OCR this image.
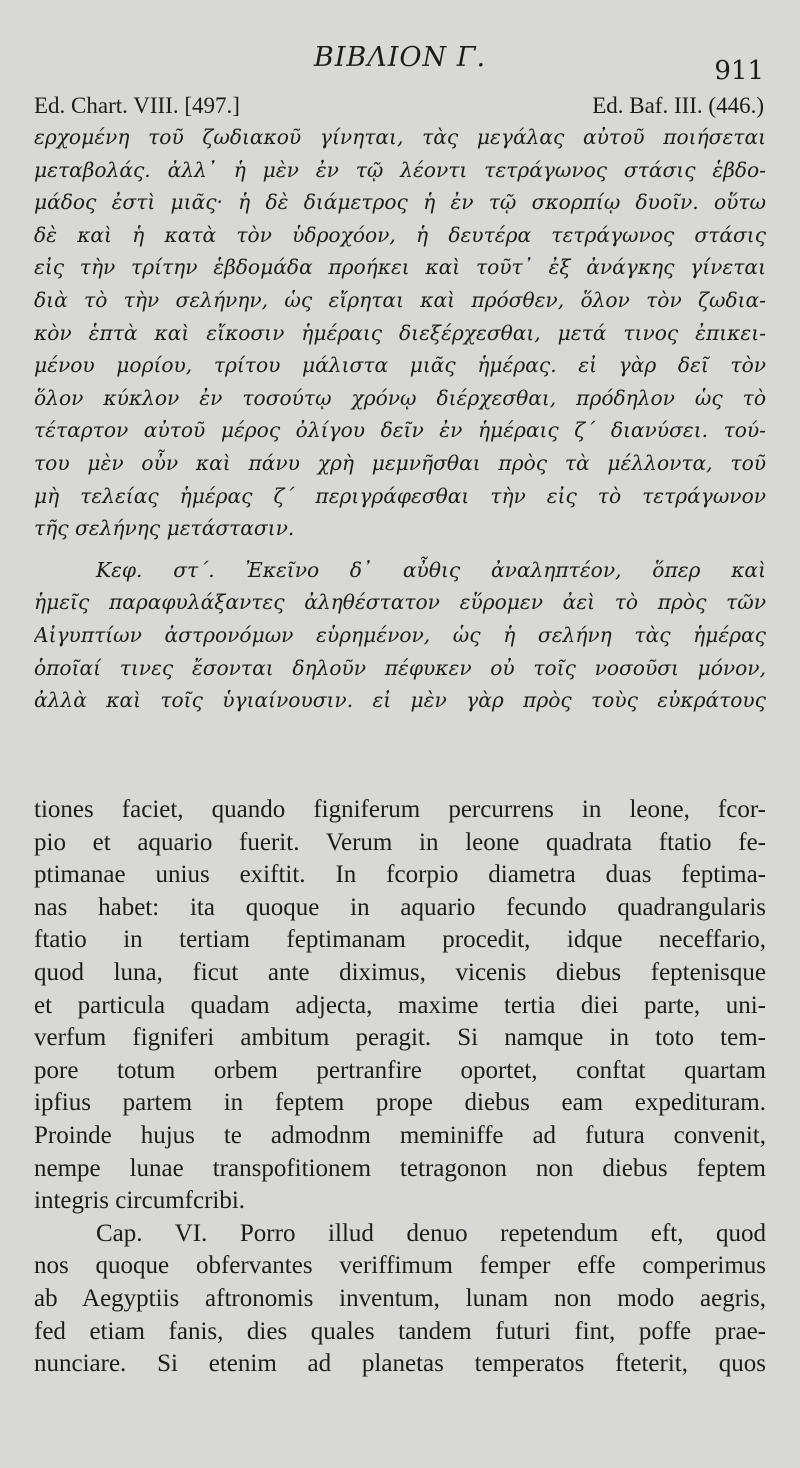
ΒΙΒΛΙΟΝ Γ.	911
Ed. Chart. VIII. [497.]	Ed. Baf. III. (446.)
ερχομένη τοῦ ζωδιακοῦ γίνηται, τὰς μεγάλας αὐτοῦ ποιήσεται
μεταβολάς. ἀλλ᾽ ἡ μὲν ἐν τῷ λέοντι τετράγωνος στάσις ἑβδο-
μάδος ἐστὶ μιᾶς· ἡ δὲ διάμετρος ἡ ἐν τῷ σκορπίῳ δυοῖν. οὕτω
δὲ καὶ ἡ κατὰ τὸν ὑδροχόον, ἡ δευτέρα τετράγωνος στάσις
εἰς τὴν τρίτην ἑβδομάδα προήκει καὶ τοῦτ᾽ ἐξ ἀνάγκης γίνεται
διὰ τὸ τὴν σελήνην, ὡς εἴρηται καὶ πρόσθεν, ὅλον τὸν ζωδια-
κὸν ἑπτὰ καὶ εἴκοσιν ἡμέραις διεξέρχεσθαι, μετά τινος ἐπικει-
μένου μορίου, τρίτου μάλιστα μιᾶς ἡμέρας. εἰ γὰρ δεῖ τὸν
ὅλον κύκλον ἐν τοσούτῳ χρόνῳ διέρχεσθαι, πρόδηλον ὡς τὸ
τέταρτον αὐτοῦ μέρος ὀλίγου δεῖν ἐν ἡμέραις ζ΄ διανύσει. τού-
του μὲν οὖν καὶ πάνυ χρὴ μεμνῆσθαι πρὸς τὰ μέλλοντα, τοῦ
μὴ τελείας ἡμέρας ζ΄ περιγράφεσθαι τὴν εἰς τὸ τετράγωνον
τῆς σελήνης μετάστασιν.
Κεφ. στ΄. Ἐκεῖνο δ᾽ αὖθις ἀναληπτέον, ὅπερ καὶ
ἡμεῖς παραφυλάξαντες ἀληθέστατον εὕρομεν ἀεὶ τὸ πρὸς τῶν
Αἰγυπτίων ἀστρονόμων εὑρημένον, ὡς ἡ σελήνη τὰς ἡμέρας
ὁποῖαί τινες ἔσονται δηλοῦν πέφυκεν οὐ τοῖς νοσοῦσι μόνον,
ἀλλὰ καὶ τοῖς ὑγιαίνουσιν. εἰ μὲν γὰρ πρὸς τοὺς εὐκράτους
tiones faciet, quando figniferum percurrens in leone, fcor-
pio et aquario fuerit. Verum in leone quadrata ftatio fe-
ptimanae unius exiftit. In fcorpio diametra duas feptima-
nas habet: ita quoque in aquario fecundo quadrangularis
ftatio in tertiam feptimanam procedit, idque neceffario,
quod luna, ficut ante diximus, vicenis diebus feptenisque
et particula quadam adjecta, maxime tertia diei parte, uni-
verfum figniferi ambitum peragit. Si namque in toto tem-
pore totum orbem pertranfire oportet, conftat quartam
ipfius partem in feptem prope diebus eam expedituram.
Proinde hujus te admodnm meminiffe ad futura convenit,
nempe lunae transpofitionem tetragonon non diebus feptem
integris circumfcribi.
Cap. VI. Porro illud denuo repetendum eft, quod
nos quoque obfervantes veriffimum femper effe comperimus
ab Aegyptiis aftronomis inventum, lunam non modo aegris,
fed etiam fanis, dies quales tandem futuri fint, poffe prae-
nunciare. Si etenim ad planetas temperatos fteterit, quos
